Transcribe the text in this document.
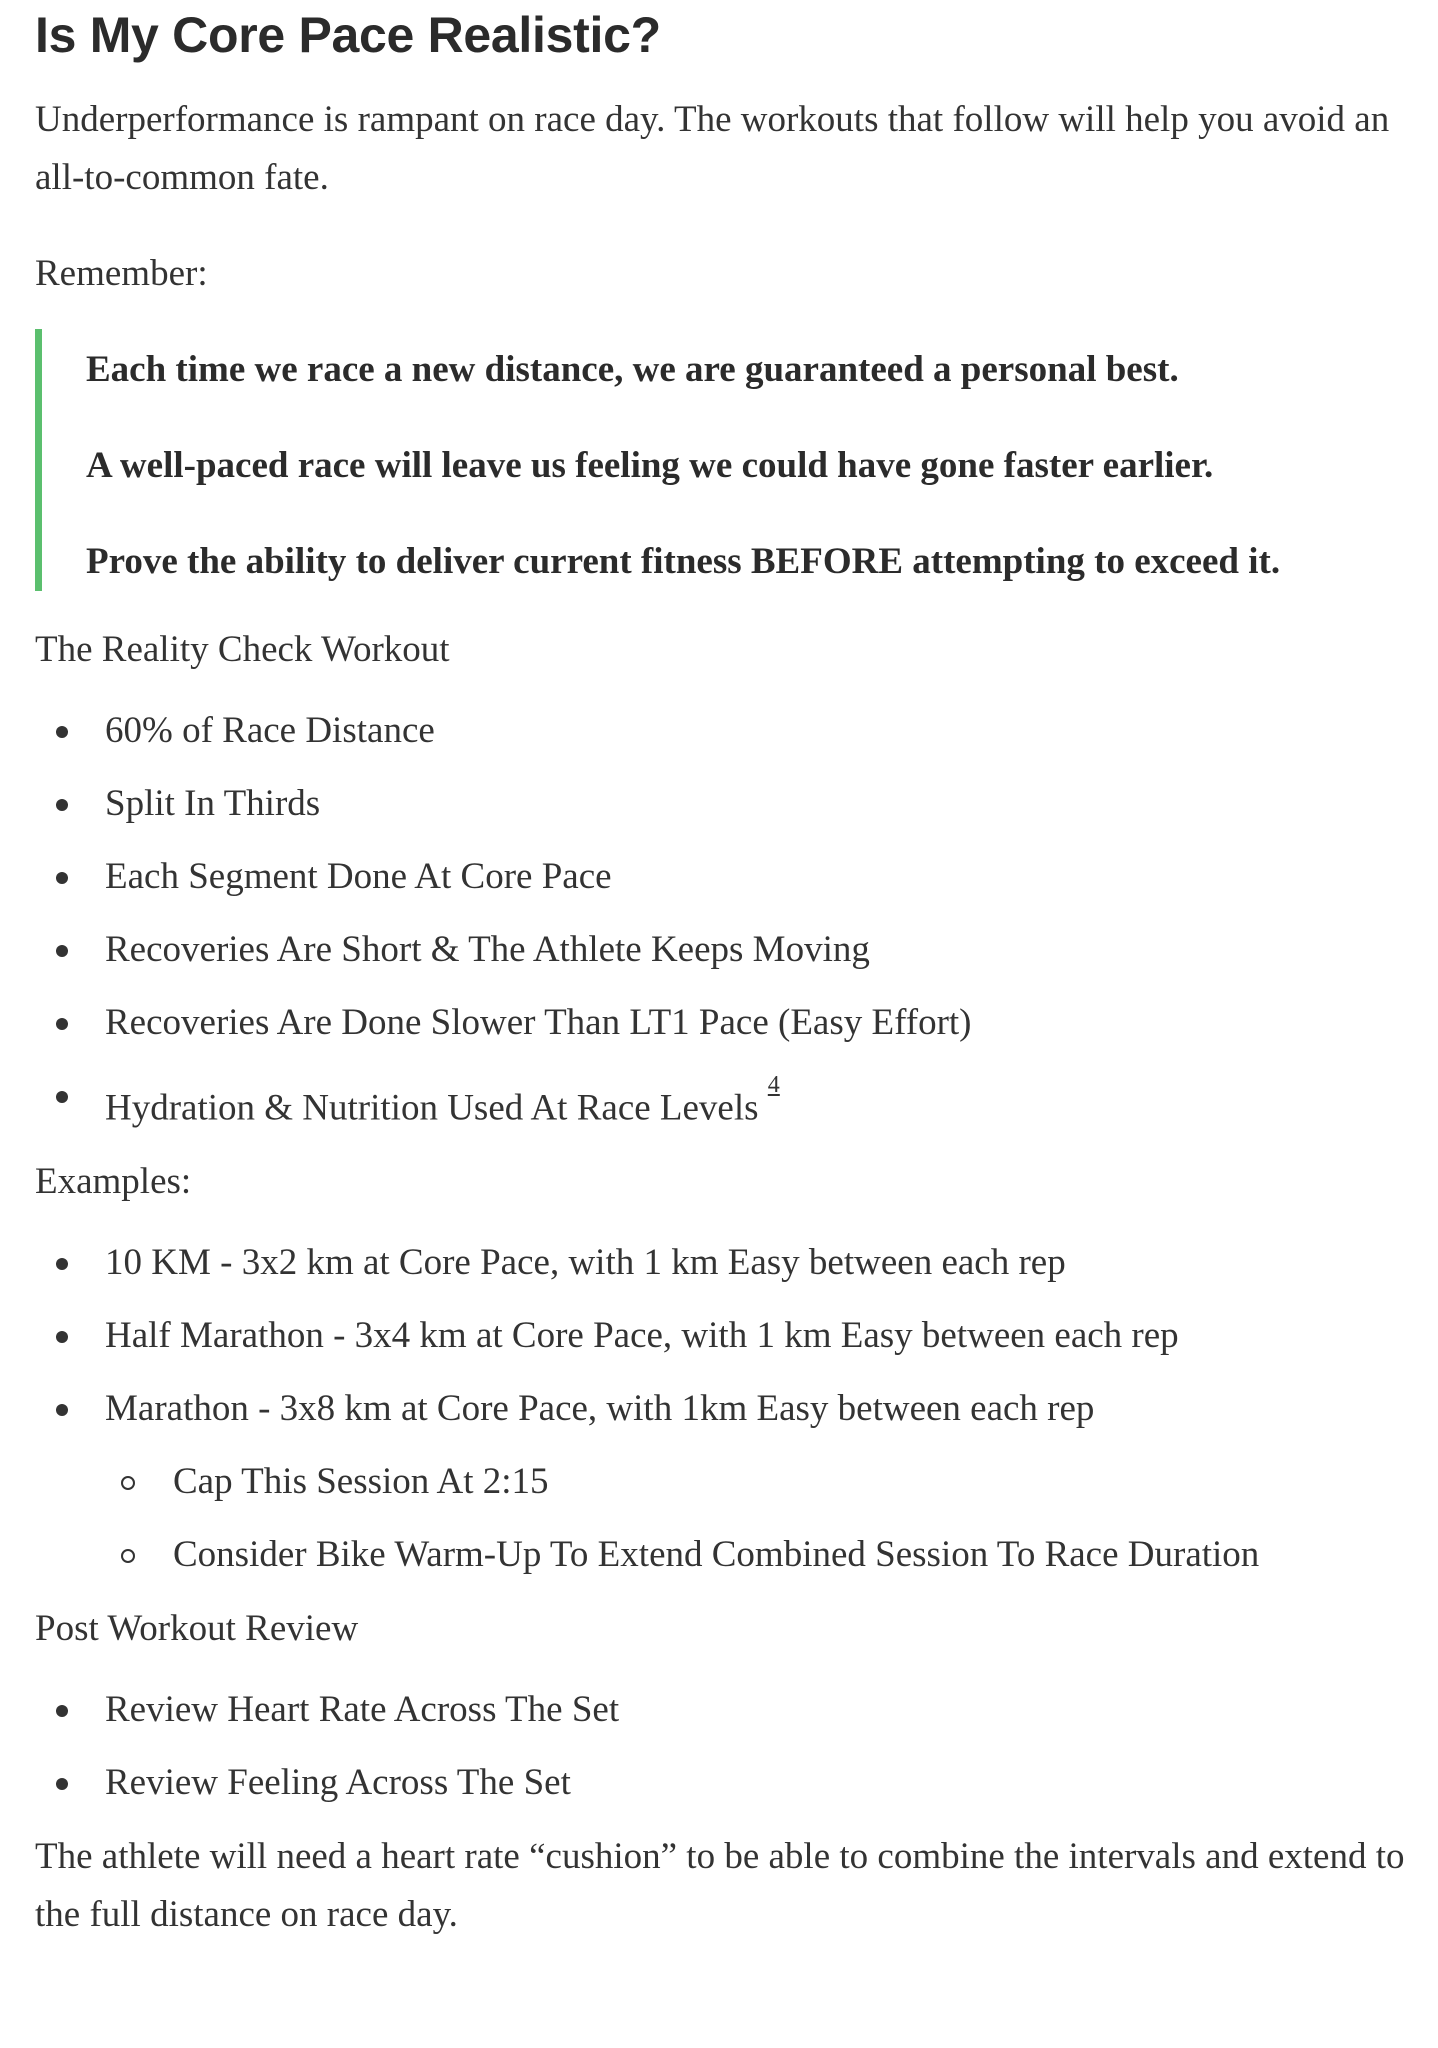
Is My Core Pace Realistic?

Underperformance is rampant on race day. The workouts that follow will help you avoid an all-to-common fate.

Remember:

Each time we race a new distance, we are guaranteed a personal best.

A well-paced race will leave us feeling we could have gone faster earlier.

Prove the ability to deliver current fitness BEFORE attempting to exceed it.

The Reality Check Workout

60% of Race Distance
Split In Thirds
Each Segment Done At Core Pace
Recoveries Are Short & The Athlete Keeps Moving
Recoveries Are Done Slower Than LT1 Pace (Easy Effort)
Hydration & Nutrition Used At Race Levels $^{^4}$

Examples:

10 KM - 3x2 km at Core Pace, with 1 km Easy between each rep
Half Marathon - 3x4 km at Core Pace, with 1 km Easy between each rep
Marathon - 3x8 km at Core Pace, with 1km Easy between each rep
Cap This Session At 2:15
Consider Bike Warm-Up To Extend Combined Session To Race Duration

Post Workout Review

Review Heart Rate Across The Set
Review Feeling Across The Set

The athlete will need a heart rate “cushion” to be able to combine the intervals and extend to the full distance on race day.
